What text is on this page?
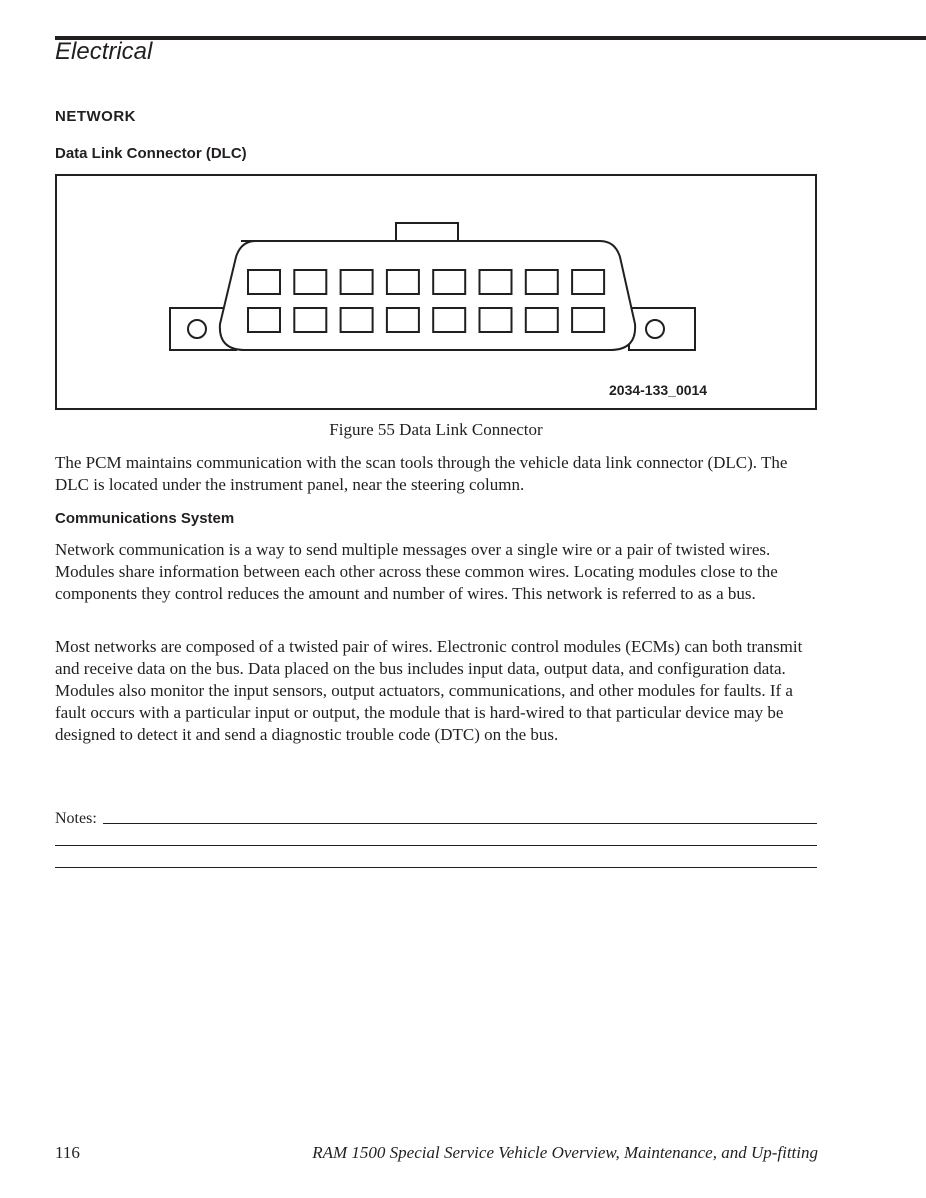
Electrical
NETWORK
Data Link Connector (DLC)
2034-133_0014
Figure 55 Data Link Connector

The PCM maintains communication with the scan tools through the vehicle data link connector (DLC). The DLC is located under the instrument panel, near the steering column.

Communications System

Network communication is a way to send multiple messages over a single wire or a pair of twisted wires. Modules share information between each other across these common wires. Locating modules close to the components they control reduces the amount and number of wires. This network is referred to as a bus.

Most networks are composed of a twisted pair of wires. Electronic control modules (ECMs) can both transmit and receive data on the bus. Data placed on the bus includes input data, output data, and configuration data. Modules also monitor the input sensors, output actuators, communications, and other modules for faults. If a fault occurs with a particular input or output, the module that is hard-wired to that particular device may be designed to detect it and send a diagnostic trouble code (DTC) on the bus.

Notes:
116	RAM 1500 Special Service Vehicle Overview, Maintenance, and Up-fitting
